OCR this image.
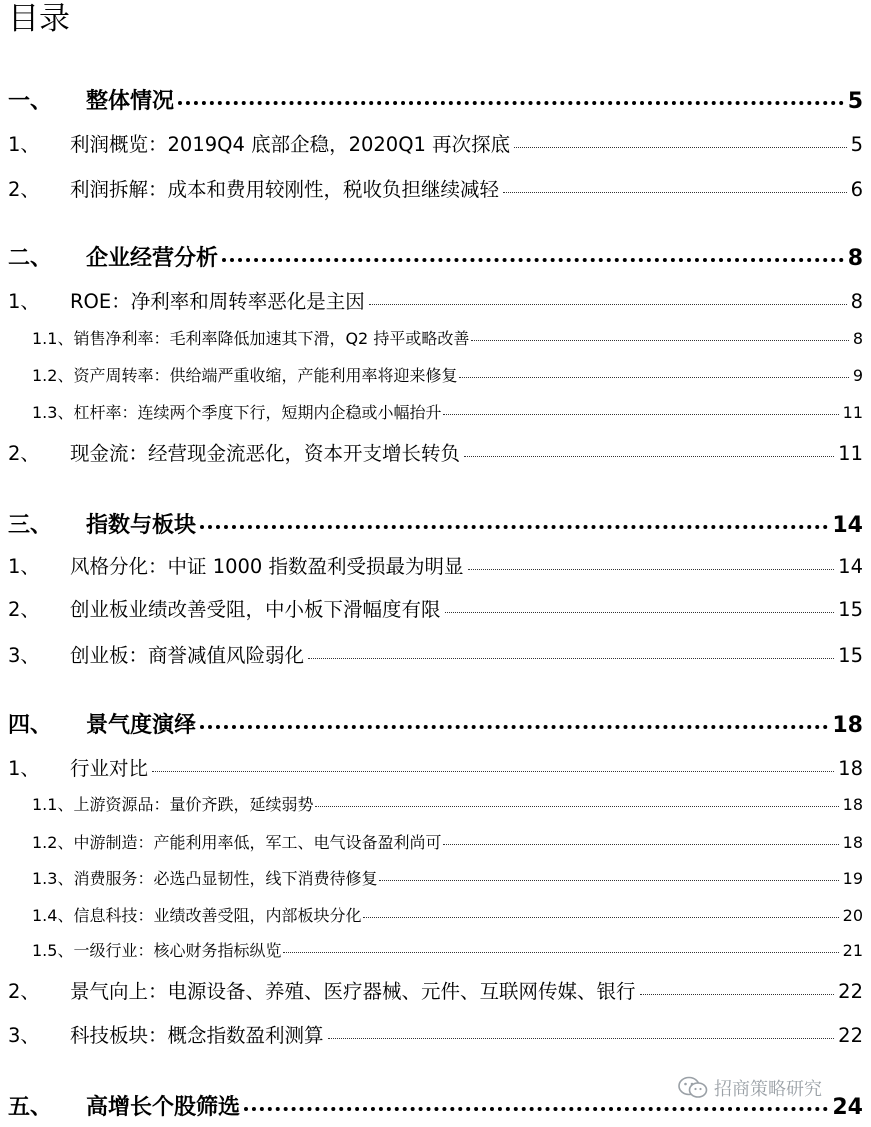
目录
一、	整体情况	5
1、	利润概览：2019Q4 底部企稳，2020Q1 再次探底	5
2、	利润拆解：成本和费用较刚性，税收负担继续减轻	6
二、	企业经营分析	8
1、	ROE：净利率和周转率恶化是主因	8
1.1、 销售净利率：毛利率降低加速其下滑，Q2 持平或略改善	8
1.2、 资产周转率：供给端严重收缩，产能利用率将迎来修复	9
1.3、 杠杆率：连续两个季度下行，短期内企稳或小幅抬升	11
2、	现金流：经营现金流恶化，资本开支增长转负	11
三、	指数与板块	14
1、	风格分化：中证 1000 指数盈利受损最为明显	14
2、	创业板业绩改善受阻，中小板下滑幅度有限	15
3、	创业板：商誉减值风险弱化	15
四、	景气度演绎	18
1、	行业对比	18
1.1、 上游资源品：量价齐跌，延续弱势	18
1.2、 中游制造：产能利用率低，军工、电气设备盈利尚可	18
1.3、 消费服务：必选凸显韧性，线下消费待修复	19
1.4、 信息科技：业绩改善受阻，内部板块分化	20
1.5、 一级行业：核心财务指标纵览	21
2、	景气向上：电源设备、养殖、医疗器械、元件、互联网传媒、银行	22
3、	科技板块：概念指数盈利测算	22
五、	高增长个股筛选	24
招商策略研究
